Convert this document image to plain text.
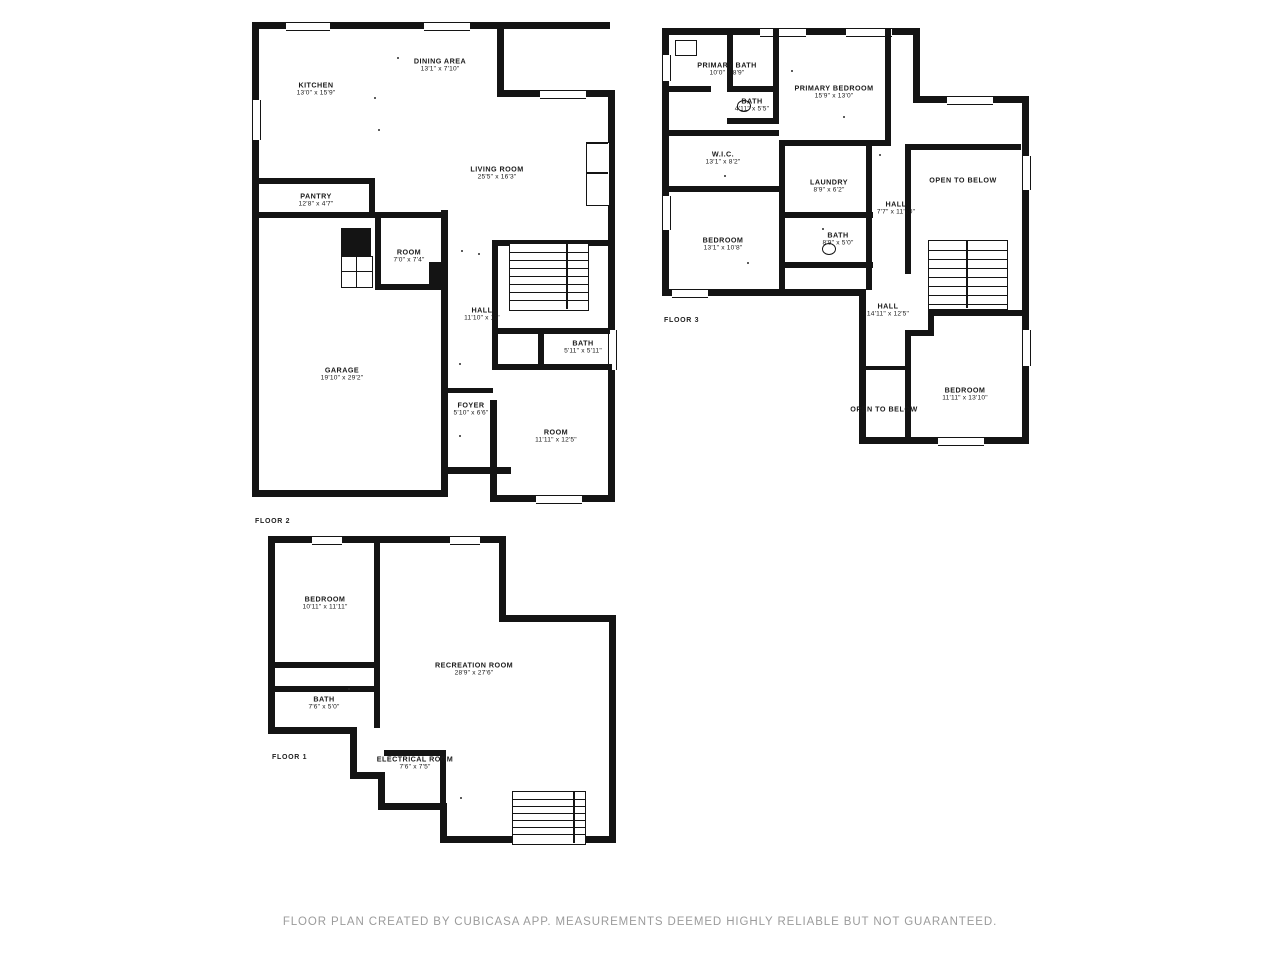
KITCHEN
13'0" x 15'9"
DINING AREA
13'1" x 7'10"
LIVING ROOM
25'5" x 16'3"
PANTRY
12'8" x 4'7"
ROOM
7'0" x 7'4"
GARAGE
19'10" x 29'2"
HALL
11'10" x 13'
BATH
5'11" x 5'11"
FOYER
5'10" x 6'6"
ROOM
11'11" x 12'5"
FLOOR 2
PRIMARY BATH
10'0" x 8'9"
BATH
4'11" x 5'5"
PRIMARY BEDROOM
15'9" x 13'0"
W.I.C.
13'1" x 8'2"
LAUNDRY
8'9" x 6'2"
HALL
7'7" x 11'10"
BEDROOM
13'1" x 10'8"
BATH
8'9" x 5'0"
HALL
14'11" x 12'5"
BEDROOM
11'11" x 13'10"
OPEN TO BELOW
OPEN TO BELOW
FLOOR 3
BEDROOM
10'11" x 11'11"
RECREATION ROOM
28'9" x 27'6"
BATH
7'6" x 5'0"
ELECTRICAL ROOM
7'6" x 7'5"
FLOOR 1
FLOOR PLAN CREATED BY CUBICASA APP. MEASUREMENTS DEEMED HIGHLY RELIABLE BUT NOT GUARANTEED.
